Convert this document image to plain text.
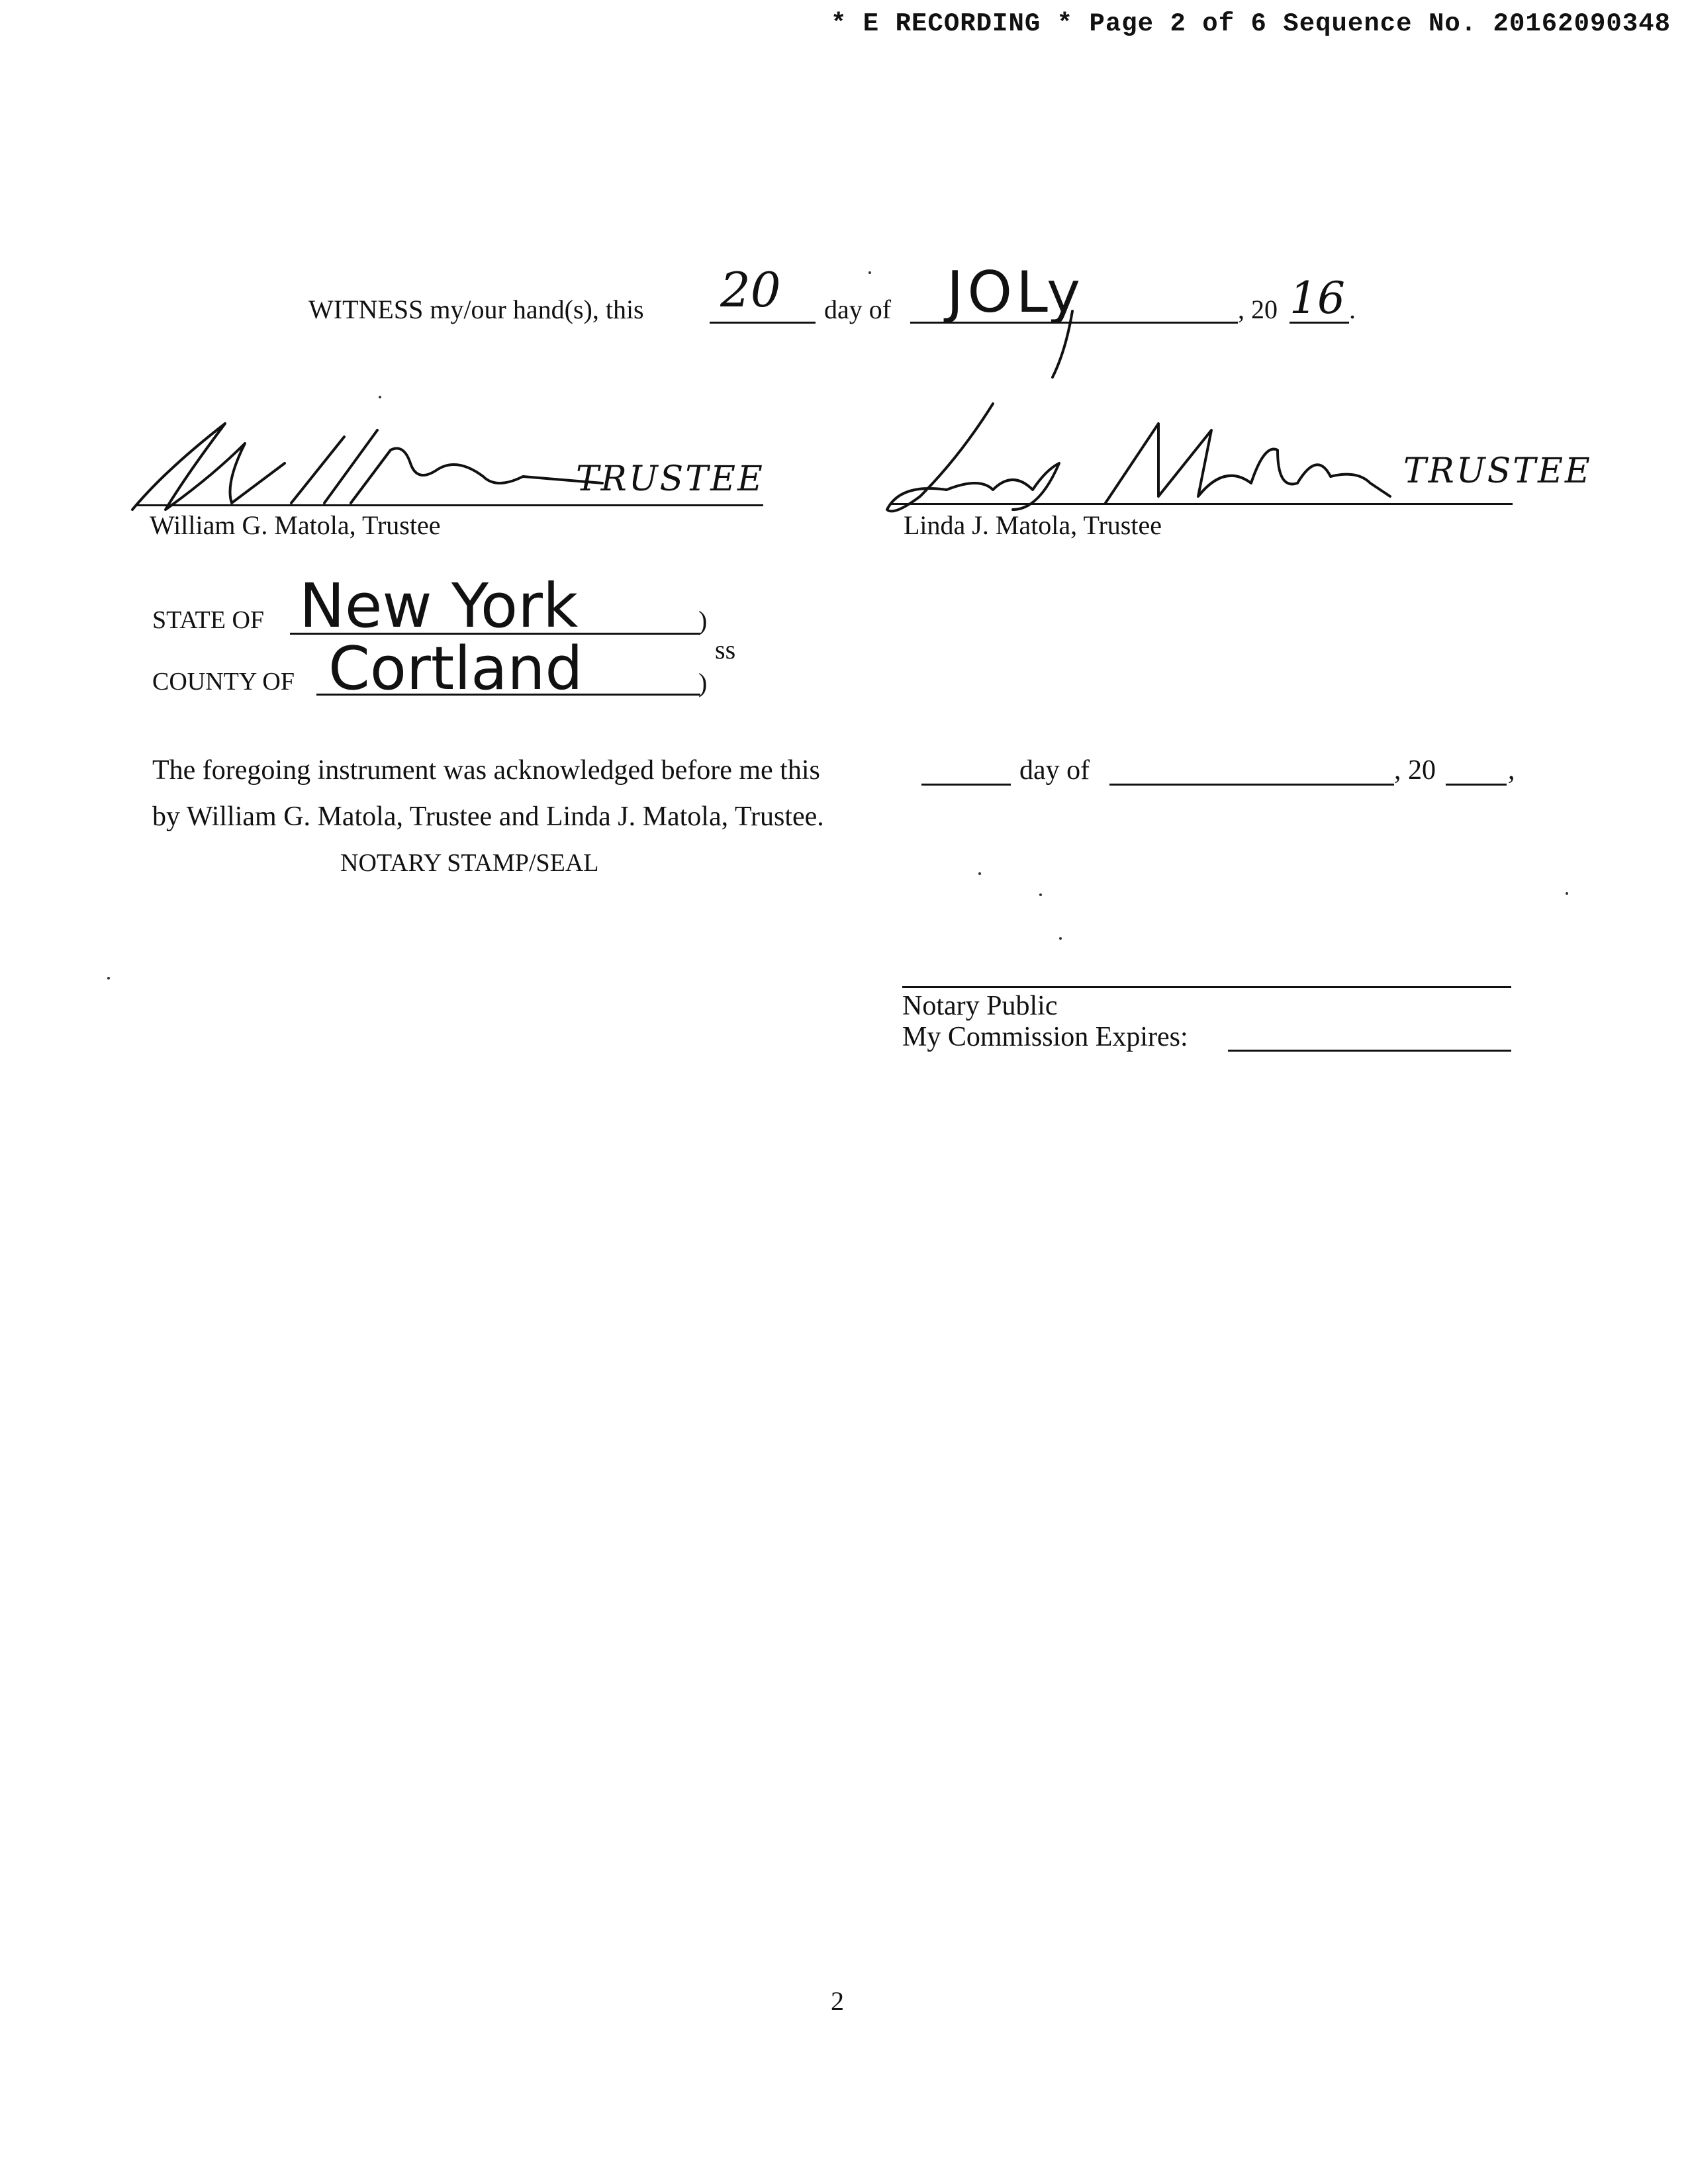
* E RECORDING * Page 2 of 6 Sequence No. 20162090348
WITNESS my/our hand(s), this 20 day of JOLy	, 20 16 .
TRUSTEE
William G. Matola, Trustee
TRUSTEE
Linda J. Matola, Trustee
STATE OF New York	)
ss
COUNTY OF Cortland	)
The foregoing instrument was acknowledged before me this	day of	, 20	,
by William G. Matola, Trustee and Linda J. Matola, Trustee.
NOTARY STAMP/SEAL
Notary Public
My Commission Expires:
2
